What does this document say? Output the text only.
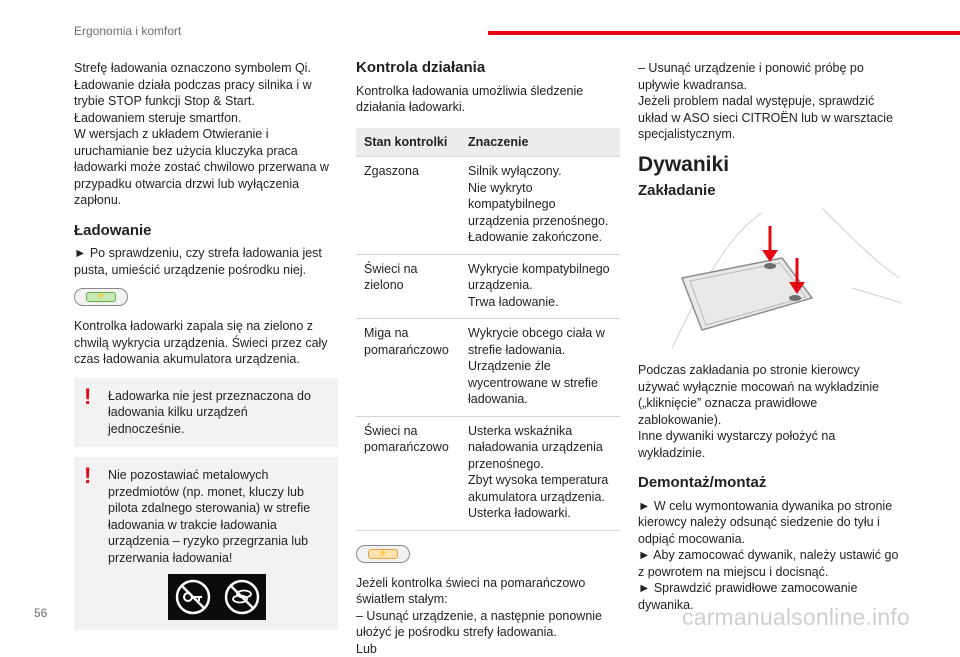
Ergonomia i komfort

Strefę ładowania oznaczono symbolem Qi.

Ładowanie działa podczas pracy silnika i w trybie STOP funkcji Stop & Start.

Ładowaniem steruje smartfon.

W wersjach z układem Otwieranie i uruchamianie bez użycia kluczyka praca ładowarki może zostać chwilowo przerwana w przypadku otwarcia drzwi lub wyłączenia zapłonu.

Ładowanie

► Po sprawdzeniu, czy strefa ładowania jest pusta, umieścić urządzenie pośrodku niej.

⚡

Kontrolka ładowarki zapala się na zielono z chwilą wykrycia urządzenia. Świeci przez cały czas ładowania akumulatora urządzenia.

! Ładowarka nie jest przeznaczona do ładowania kilku urządzeń jednocześnie.

! Nie pozostawiać metalowych przedmiotów (np. monet, kluczy lub pilota zdalnego sterowania) w strefie ładowania w trakcie ładowania urządzenia – ryzyko przegrzania lub przerwania ładowania!

Kontrola działania

Kontrolka ładowania umożliwia śledzenie działania ładowarki.

Stan kontrolki	Znaczenie
Zgaszona	Silnik wyłączony.
Nie wykryto kompatybilnego urządzenia przenośnego.
Ładowanie zakończone.

Świeci na zielono	Wykrycie kompatybilnego urządzenia.
Trwa ładowanie.

Miga na pomarańczowo	Wykrycie obcego ciała w strefie ładowania.
Urządzenie źle wycentrowane w strefie ładowania.

Świeci na pomarańczowo	Usterka wskaźnika naładowania urządzenia przenośnego.
Zbyt wysoka temperatura akumulatora urządzenia.
Usterka ładowarki.
⚡

Jeżeli kontrolka świeci na pomarańczowo światłem stałym:

– Usunąć urządzenie, a następnie ponownie ułożyć je pośrodku strefy ładowania.

Lub

– Usunąć urządzenie i ponowić próbę po upływie kwadransa.

Jeżeli problem nadal występuje, sprawdzić układ w ASO sieci CITROËN lub w warsztacie specjalistycznym.

Dywaniki
Zakładanie

Podczas zakładania po stronie kierowcy używać wyłącznie mocowań na wykładzinie („kliknięcie” oznacza prawidłowe zablokowanie).

Inne dywaniki wystarczy położyć na wykładzinie.

Demontaż/montaż

► W celu wymontowania dywanika po stronie kierowcy należy odsunąć siedzenie do tyłu i odpiąć mocowania.

► Aby zamocować dywanik, należy ustawić go z powrotem na miejscu i docisnąć.

► Sprawdzić prawidłowe zamocowanie dywanika.

56	carmanualsonline.info
